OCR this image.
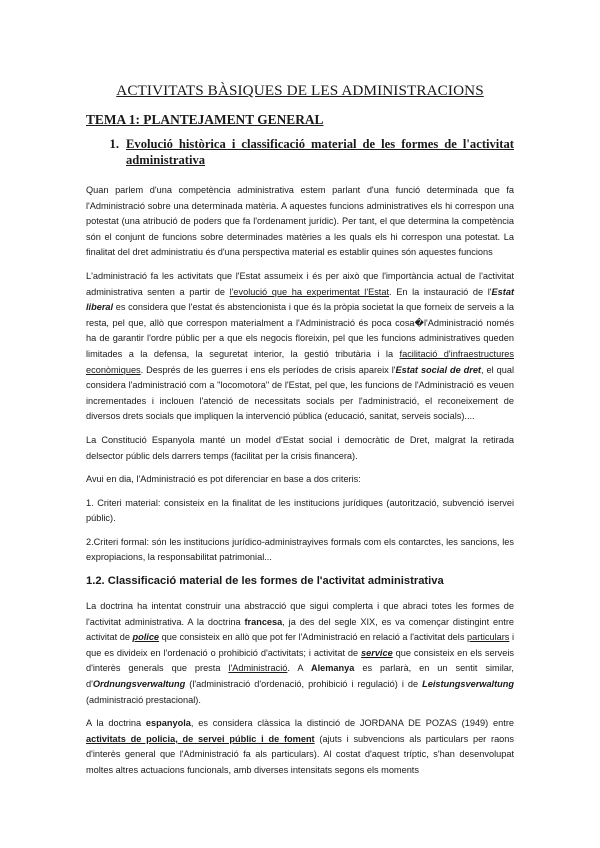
ACTIVITATS BÀSIQUES DE LES ADMINISTRACIONS
TEMA 1: PLANTEJAMENT GENERAL
1. Evolució històrica i classificació material de les formes de l'activitat administrativa

Quan parlem d'una competència administrativa estem parlant d'una funció determinada que fa l'Administració sobre una determinada matèria. A aquestes funcions administratives els hi correspon una potestat (una atribució de poders que fa l'ordenament jurídic). Per tant, el que determina la competència són el conjunt de funcions sobre determinades matèries a les quals els hi correspon una potestat. La finalitat del dret administratiu és d'una perspectiva material es establir quines són aquestes funcions

L'administració fa les activitats que l'Estat assumeix i és per això que l'importància actual de l'activitat administrativa senten a partir de l'evolució que ha experimentat l'Estat. En la instauració de l'Estat liberal es considera que l'estat és abstencionista i que és la pròpia societat la que forneix de serveis a la resta, pel que, allò que correspon materialment a l'Administració és poca cosa�l'Administració només ha de garantir l'ordre públic per a que els negocis floreixin, pel que les funcions administratives queden limitades a la defensa, la seguretat interior, la gestió tributària i la facilitació d'infraestructures econòmiques. Després de les guerres i ens els períodes de crisis apareix l'Estat social de dret, el qual considera l'administració com a "locomotora" de l'Estat, pel que, les funcions de l'Administració es veuen incrementades i inclouen l'atenció de necessitats socials per l'administració, el reconeixement de diversos drets socials que impliquen la intervenció pública (educació, sanitat, serveis socials)....

La Constitució Espanyola manté un model d'Estat social i democràtic de Dret, malgrat la retirada delsector públic dels darrers temps (facilitat per la crisis financera).

Avui en dia, l'Administració es pot diferenciar en base a dos criteris:

1. Criteri material: consisteix en la finalitat de les institucions jurídiques (autorització, subvenció iservei públic).

2.Criteri formal: són les institucions jurídico-administrayives formals com els contarctes, les sancions, les expropiacions, la responsabilitat patrimonial...

1.2. Classificació material de les formes de l'activitat administrativa

La doctrina ha intentat construir una abstracció que sigui complerta i que abraci totes les formes de l'activitat administrativa. A la doctrina francesa, ja des del segle XIX, es va començar distingint entre activitat de police que consisteix en allò que pot fer l'Administració en relació a l'activitat dels particulars i que es divideix en l'ordenació o prohibició d'activitats; i activitat de service que consisteix en els serveis d'interès generals que presta l'Administració. A Alemanya es parlarà, en un sentit similar, d'Ordnungsverwaltung (l'administració d'ordenació, prohibició i regulació) i de Leistungsverwaltung (administració prestacional).

A la doctrina espanyola, es considera clàssica la distinció de JORDANA DE POZAS (1949) entre activitats de policia, de servei públic i de foment (ajuts i subvencions als particulars per raons d'interès general que l'Administració fa als particulars). Al costat d'aquest tríptic, s'han desenvolupat moltes altres actuacions funcionals, amb diverses intensitats segons els moments
